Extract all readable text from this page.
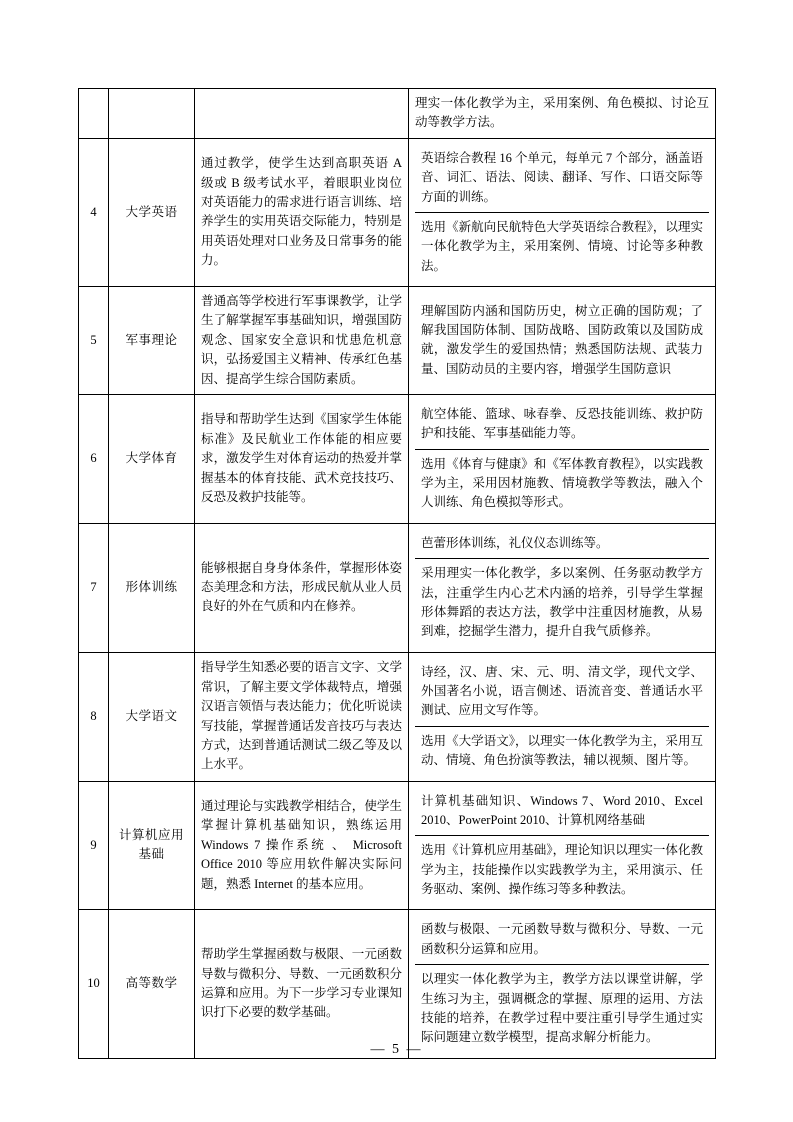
			理实一体化教学为主，采用案例、角色模拟、讨论互动等教学方法。

4	大学英语	通过教学，使学生达到高职英语 A 级或 B 级考试水平，着眼职业岗位对英语能力的需求进行语言训练、培养学生的实用英语交际能力，特别是用英语处理对口业务及日常事务的能力。	英语综合教程 16 个单元，每单元 7 个部分，涵盖语音、词汇、语法、阅读、翻译、写作、口语交际等方面的训练。
选用《新航向民航特色大学英语综合教程》，以理实一体化教学为主，采用案例、情境、讨论等多种教法。

5	军事理论	普通高等学校进行军事课教学，让学生了解掌握军事基础知识，增强国防观念、国家安全意识和忧患危机意识，弘扬爱国主义精神、传承红色基因、提高学生综合国防素质。	理解国防内涵和国防历史，树立正确的国防观；了解我国国防体制、国防战略、国防政策以及国防成就，激发学生的爱国热情；熟悉国防法规、武装力量、国防动员的主要内容，增强学生国防意识

6	大学体育	指导和帮助学生达到《国家学生体能标准》及民航业工作体能的相应要求，激发学生对体育运动的热爱并掌握基本的体育技能、武术竞技技巧、反恐及救护技能等。	航空体能、篮球、咏春拳、反恐技能训练、救护防护和技能、军事基础能力等。
选用《体育与健康》和《军体教育教程》，以实践教学为主，采用因材施教、情境教学等教法，融入个人训练、角色模拟等形式。

7	形体训练	能够根据自身身体条件，掌握形体姿态美理念和方法，形成民航从业人员良好的外在气质和内在修养。	芭蕾形体训练，礼仪仪态训练等。
采用理实一体化教学，多以案例、任务驱动教学方法，注重学生内心艺术内涵的培养，引导学生掌握形体舞蹈的表达方法，教学中注重因材施教，从易到难，挖掘学生潜力，提升自我气质修养。

8	大学语文	指导学生知悉必要的语言文字、文学常识，了解主要文学体裁特点，增强汉语言领悟与表达能力；优化听说读写技能，掌握普通话发音技巧与表达方式，达到普通话测试二级乙等及以上水平。	诗经，汉、唐、宋、元、明、清文学，现代文学、外国著名小说，语言侧述、语流音变、普通话水平测试、应用文写作等。
选用《大学语文》，以理实一体化教学为主，采用互动、情境、角色扮演等教法，辅以视频、图片等。

9	计算机应用基础	通过理论与实践教学相结合，使学生掌握计算机基础知识，熟练运用 Windows 7 操作系统 、 Microsoft Office 2010 等应用软件解决实际问题，熟悉 Internet 的基本应用。	计算机基础知识、Windows 7、Word 2010、Excel 2010、PowerPoint 2010、计算机网络基础
选用《计算机应用基础》，理论知识以理实一体化教学为主，技能操作以实践教学为主，采用演示、任务驱动、案例、操作练习等多种教法。

10	高等数学	帮助学生掌握函数与极限、一元函数导数与微积分、导数、一元函数积分运算和应用。为下一步学习专业课知识打下必要的数学基础。	函数与极限、一元函数导数与微积分、导数、一元函数积分运算和应用。
以理实一体化教学为主，教学方法以课堂讲解，学生练习为主，强调概念的掌握、原理的运用、方法技能的培养，在教学过程中要注重引导学生通过实际问题建立数学模型，提高求解分析能力。
— 5 —
